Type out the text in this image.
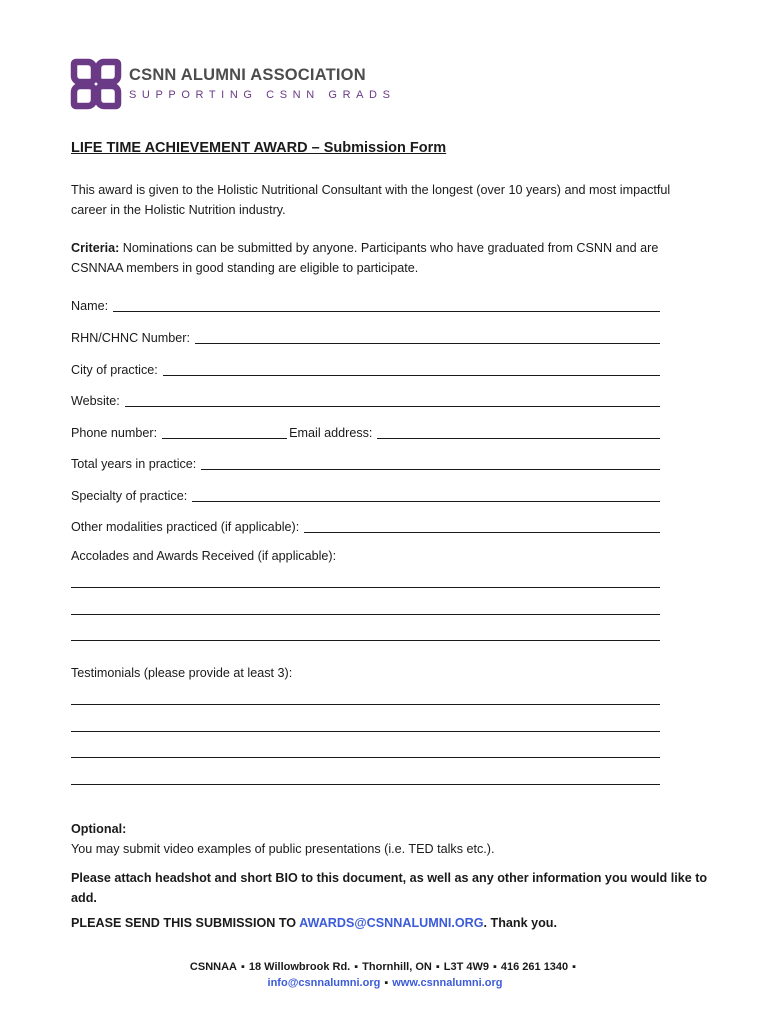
CSNN ALUMNI ASSOCIATION
SUPPORTING CSNN GRADS
LIFE TIME ACHIEVEMENT AWARD – Submission Form
This award is given to the Holistic Nutritional Consultant with the longest (over 10 years) and most impactful career in the Holistic Nutrition industry.
Criteria: Nominations can be submitted by anyone. Participants who have graduated from CSNN and are CSNNAA members in good standing are eligible to participate.
Name:
RHN/CHNC Number:
City of practice:
Website:
Phone number:	Email address:
Total years in practice:
Specialty of practice:
Other modalities practiced (if applicable):
Accolades and Awards Received (if applicable):
Testimonials (please provide at least 3):
Optional:
You may submit video examples of public presentations (i.e. TED talks etc.).
Please attach headshot and short BIO to this document, as well as any other information you would like to add.
PLEASE SEND THIS SUBMISSION TO AWARDS@CSNNALUMNI.ORG. Thank you.
CSNNAA ▪ 18 Willowbrook Rd. ▪ Thornhill, ON ▪ L3T 4W9 ▪ 416 261 1340 ▪
info@csnnalumni.org ▪ www.csnnalumni.org
